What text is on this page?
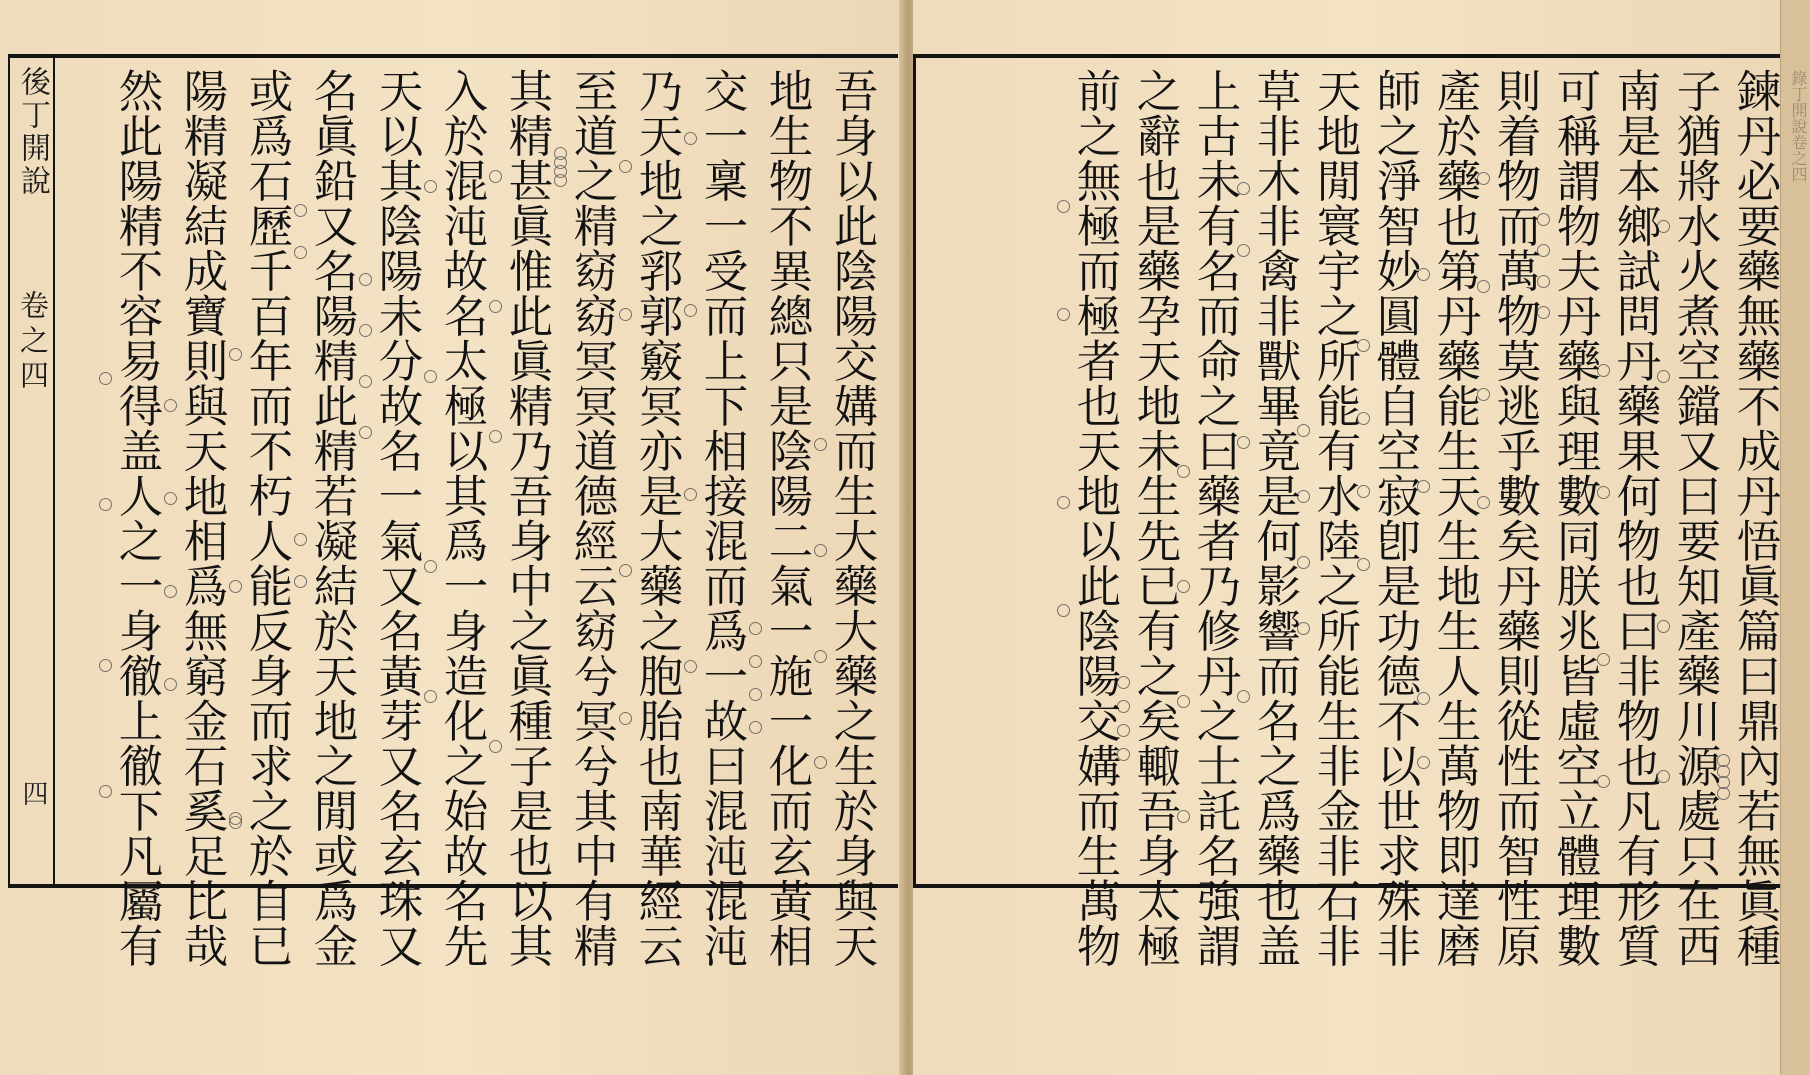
後丁開說
卷之四
四	吾身以此陰陽交媾而生大藥大藥之生於身與天
地生物不異總只是陰陽二氣一施一化而玄黃相
交一稟一受而上下相接混而爲一故曰混沌混沌
乃天地之郛郭竅冥亦是大藥之胞胎也南華經云
至道之精窈窈冥冥道德經云窈兮冥兮其中有精
其精甚眞惟此眞精乃吾身中之眞種子是也以其
入於混沌故名太極以其爲一身造化之始故名先
天以其陰陽未分故名一氣又名黃芽又名玄珠又
名眞鉛又名陽精此精若凝結於天地之閒或爲金
或爲石歷千百年而不朽人能反身而求之於自已
陽精凝結成寶則與天地相爲無窮金石奚足比哉
然此陽精不容易得盖人之一身徹上徹下凡屬有	鍊丹必要藥無藥不成丹悟眞篇曰鼎內若無眞種
子猶將水火煮空鐺又曰要知產藥川源處只在西
南是本鄉試問丹藥果何物也曰非物也凡有形質
可稱謂物夫丹藥與理數同朕兆皆虛空立體理數
則着物而萬物莫逃乎數矣丹藥則從性而智性原
產於藥也第丹藥能生天生地生人生萬物即達磨
師之淨智妙圓體自空寂卽是功德不以世求殊非
天地閒寰宇之所能有水陸之所能生非金非石非
草非木非禽非獸畢竟是何影響而名之爲藥也盖
上古未有名而命之曰藥者乃修丹之士託名強謂
之辭也是藥孕天地未生先已有之矣輙吾身太極
前之無極而極者也天地以此陰陽交媾而生萬物	錄丁開說卷之四
